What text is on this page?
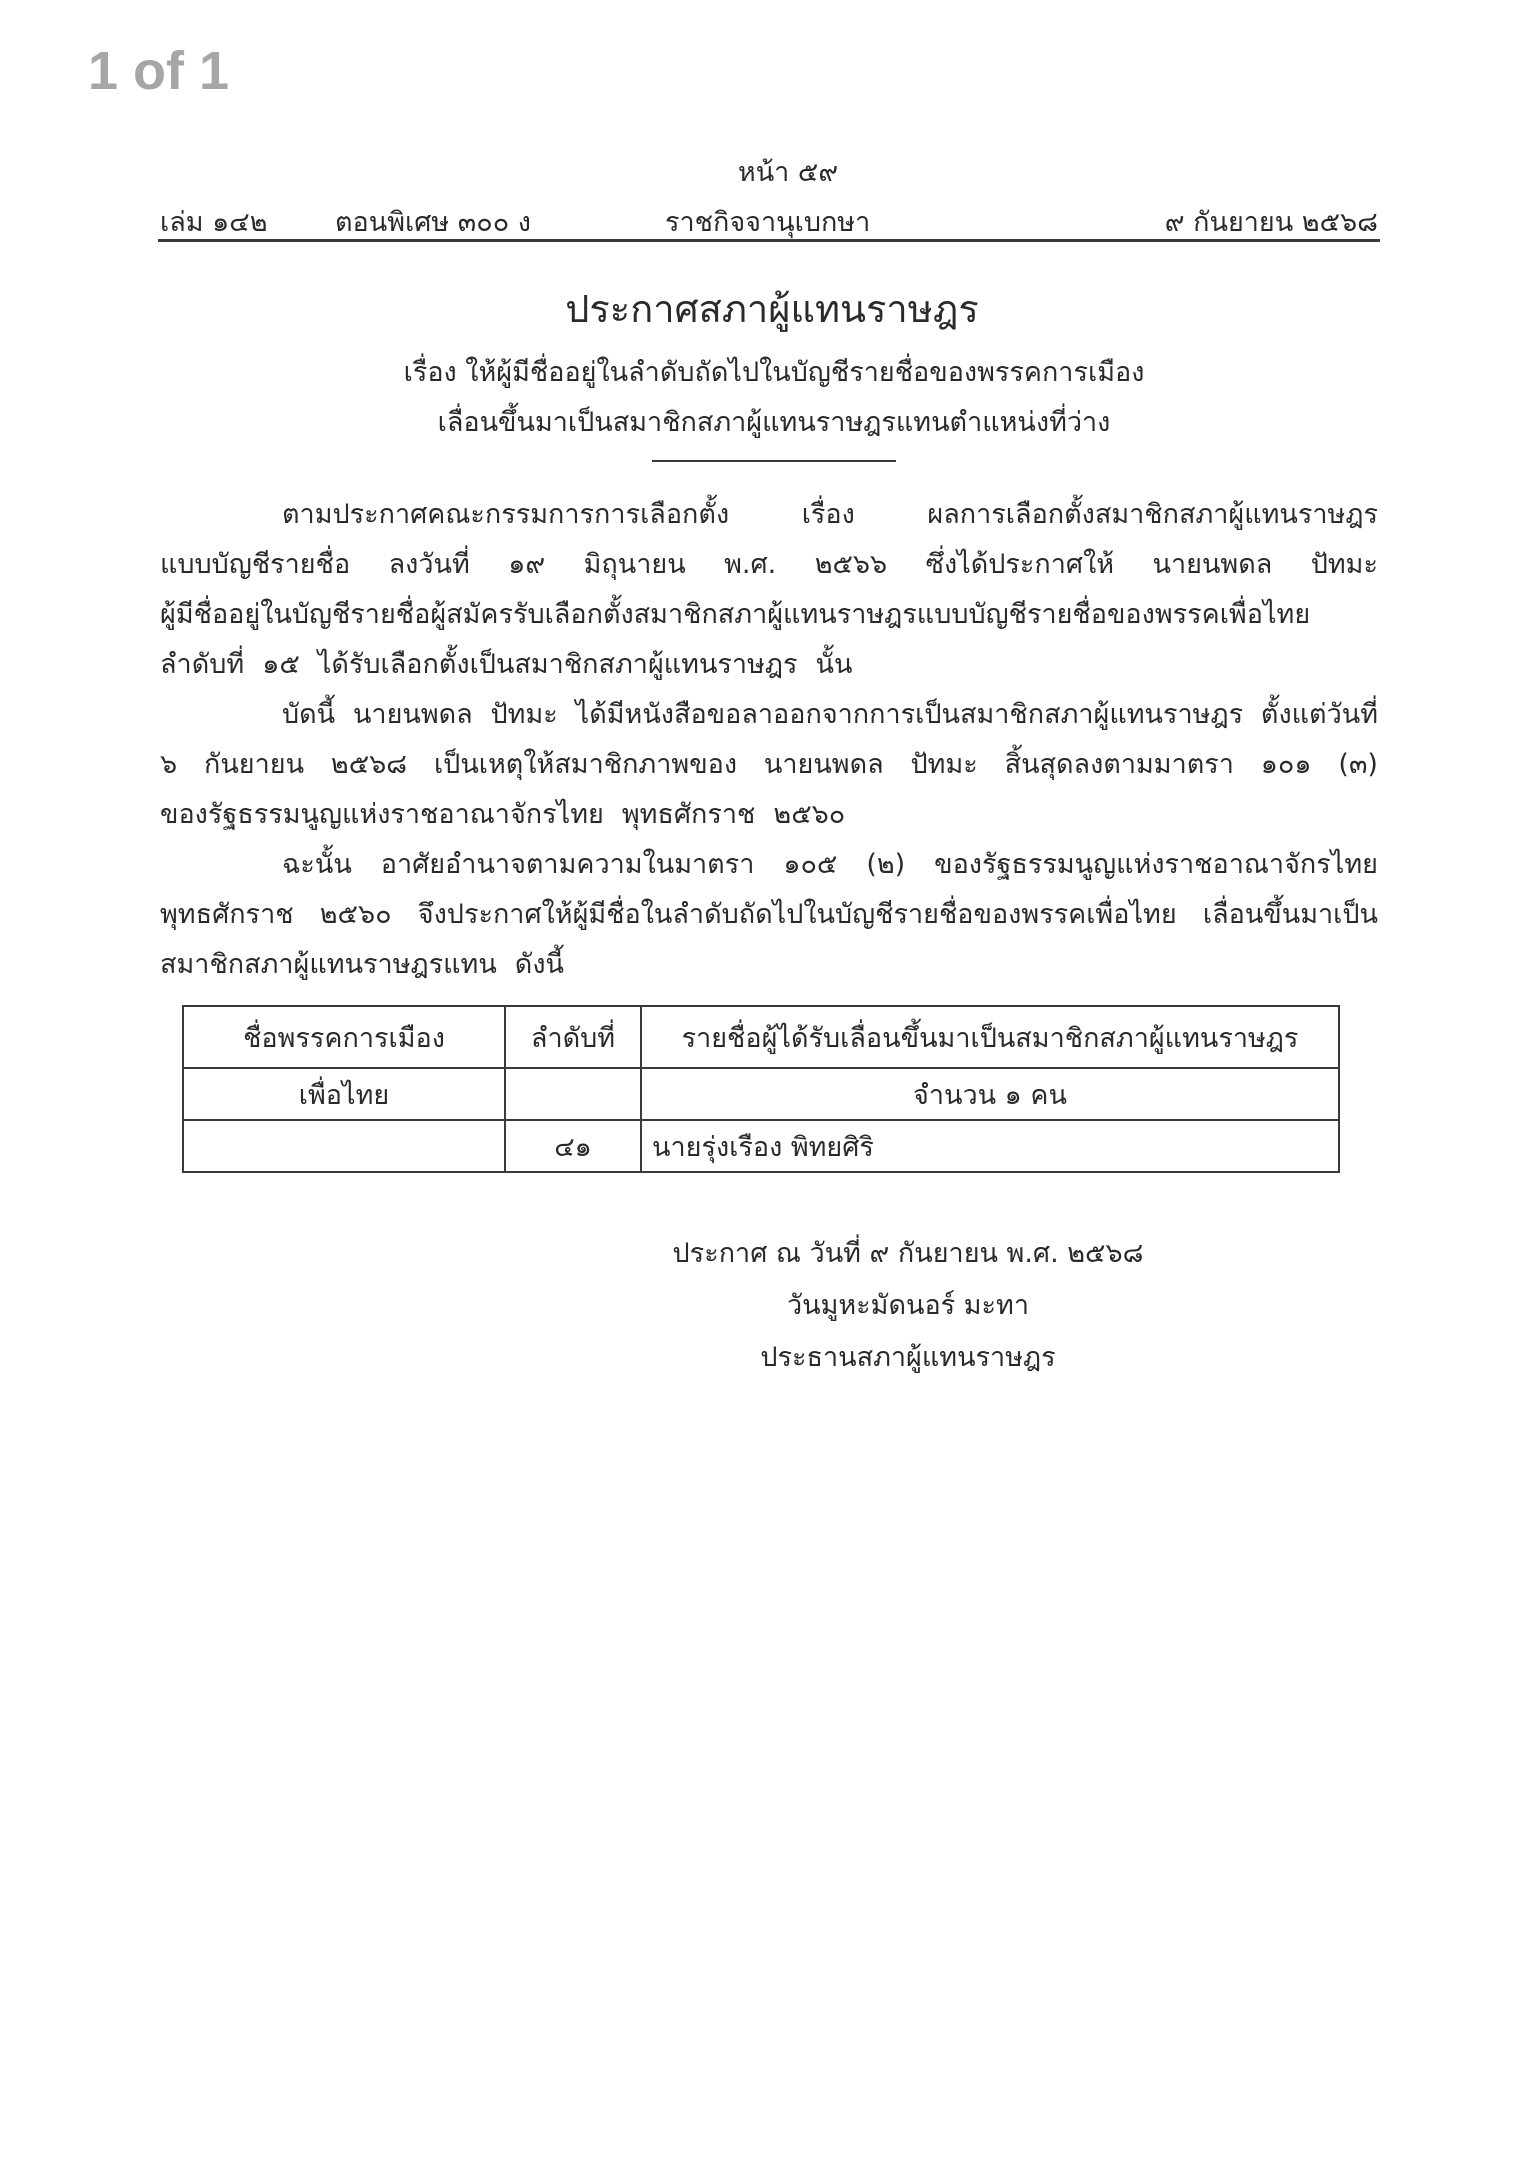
1 of 1
หน้า ๕๙
เล่ม ๑๔๒ ตอนพิเศษ ๓๐๐ ง	ราชกิจจานุเบกษา	๙ กันยายน ๒๕๖๘
ประกาศสภาผู้แทนราษฎร
เรื่อง ให้ผู้มีชื่ออยู่ในลำดับถัดไปในบัญชีรายชื่อของพรรคการเมือง
เลื่อนขึ้นมาเป็นสมาชิกสภาผู้แทนราษฎรแทนตำแหน่งที่ว่าง
ตามประกาศคณะกรรมการการเลือกตั้ง	เรื่อง	ผลการเลือกตั้งสมาชิกสภาผู้แทนราษฎร
แบบบัญชีรายชื่อ ลงวันที่ ๑๙ มิถุนายน พ.ศ. ๒๕๖๖ ซึ่งได้ประกาศให้ นายนพดล ปัทมะ
ผู้มีชื่ออยู่ในบัญชีรายชื่อผู้สมัครรับเลือกตั้งสมาชิกสภาผู้แทนราษฎรแบบบัญชีรายชื่อของพรรคเพื่อไทย
ลำดับที่ ๑๕ ได้รับเลือกตั้งเป็นสมาชิกสภาผู้แทนราษฎร นั้น
บัดนี้ นายนพดล ปัทมะ ได้มีหนังสือขอลาออกจากการเป็นสมาชิกสภาผู้แทนราษฎร ตั้งแต่วันที่
๖ กันยายน ๒๕๖๘ เป็นเหตุให้สมาชิกภาพของ นายนพดล ปัทมะ สิ้นสุดลงตามมาตรา ๑๐๑ (๓)
ของรัฐธรรมนูญแห่งราชอาณาจักรไทย พุทธศักราช ๒๕๖๐
ฉะนั้น อาศัยอำนาจตามความในมาตรา ๑๐๕ (๒) ของรัฐธรรมนูญแห่งราชอาณาจักรไทย
พุทธศักราช ๒๕๖๐ จึงประกาศให้ผู้มีชื่อในลำดับถัดไปในบัญชีรายชื่อของพรรคเพื่อไทย เลื่อนขึ้นมาเป็น
สมาชิกสภาผู้แทนราษฎรแทน ดังนี้
ชื่อพรรคการเมือง	ลำดับที่	รายชื่อผู้ได้รับเลื่อนขึ้นมาเป็นสมาชิกสภาผู้แทนราษฎร
เพื่อไทย		จำนวน ๑ คน
	๔๑	นายรุ่งเรือง พิทยศิริ
ประกาศ ณ วันที่ ๙ กันยายน พ.ศ. ๒๕๖๘
วันมูหะมัดนอร์ มะทา
ประธานสภาผู้แทนราษฎร
